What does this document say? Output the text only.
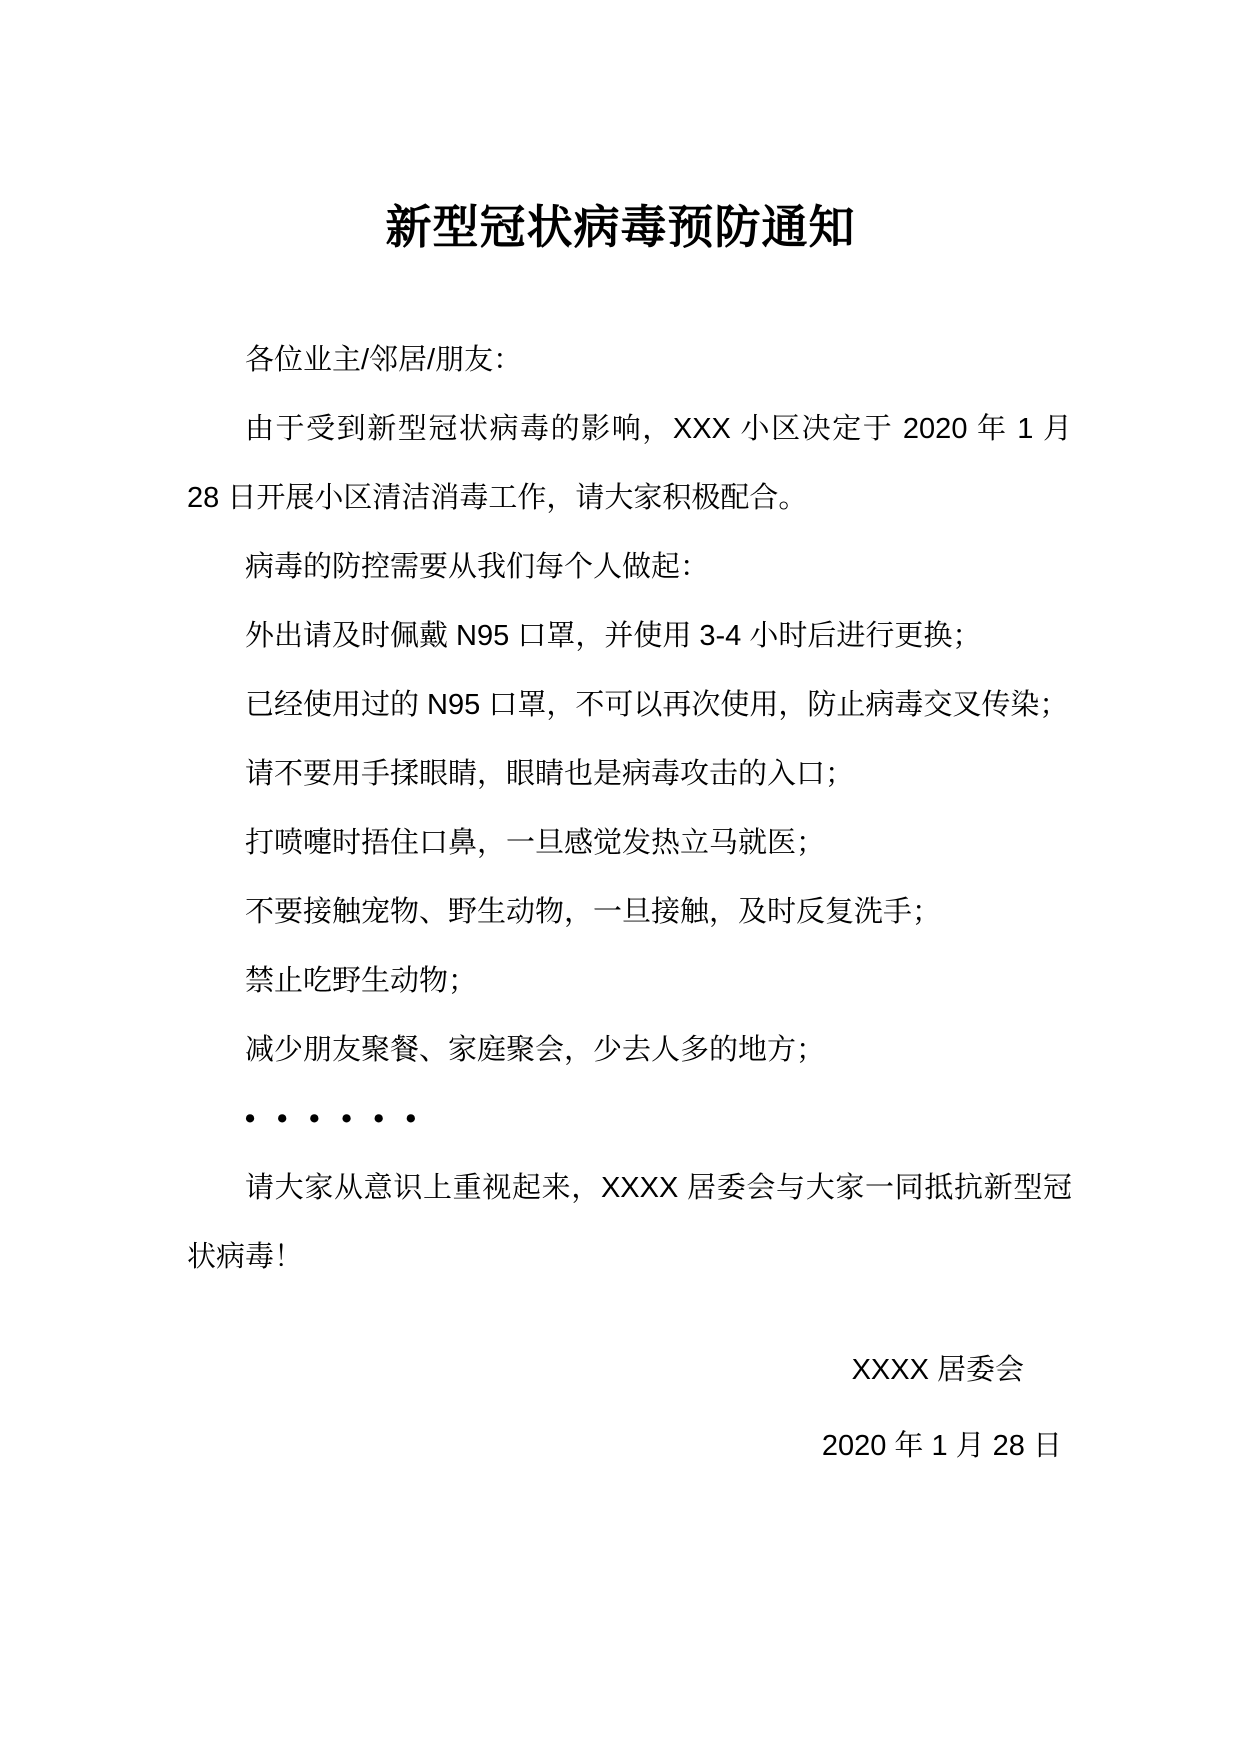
新型冠状病毒预防通知

各位业主/邻居/朋友：

由于受到新型冠状病毒的影响，XXX 小区决定于 2020 年 1 月 28 日开展小区清洁消毒工作，请大家积极配合。

病毒的防控需要从我们每个人做起：

外出请及时佩戴 N95 口罩，并使用 3-4 小时后进行更换；

已经使用过的 N95 口罩，不可以再次使用，防止病毒交叉传染；

请不要用手揉眼睛，眼睛也是病毒攻击的入口；

打喷嚏时捂住口鼻，一旦感觉发热立马就医；

不要接触宠物、野生动物，一旦接触，及时反复洗手；

禁止吃野生动物；

减少朋友聚餐、家庭聚会，少去人多的地方；

••••••

请大家从意识上重视起来，XXXX 居委会与大家一同抵抗新型冠状病毒！

XXXX 居委会

2020 年 1 月 28 日
